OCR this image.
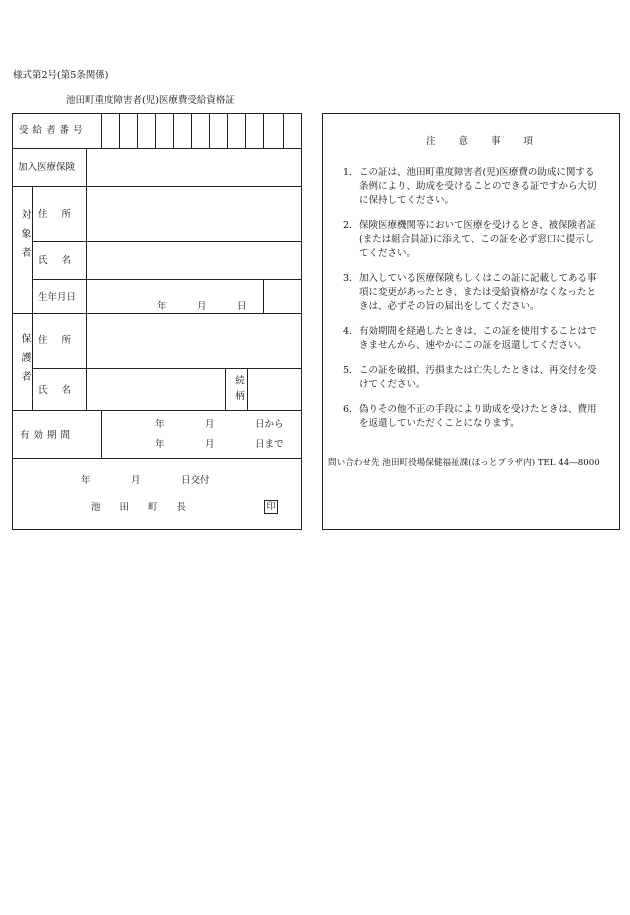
様式第2号(第5条関係)
池田町重度障害者(児)医療費受給資格証
受給者番号
加入医療保険
対象者 住所
氏名
生年月日
年	月	日
保護者 住所
氏名	続柄
有効期間
年	月	日から
年	月	日まで
年	月	日交付
池田町長	印
注意事項
1. この証は、池田町重度障害者(児)医療費の助成に関する条例により、助成を受けることのできる証ですから大切に保持してください。
2. 保険医療機関等において医療を受けるとき、被保険者証(または組合員証)に添えて、この証を必ず窓口に提示してください。
3. 加入している医療保険もしくはこの証に記載してある事項に変更があったとき、または受給資格がなくなったときは、必ずその旨の届出をしてください。
4. 有効期間を経過したときは、この証を使用することはできませんから、速やかにこの証を返還してください。
5. この証を破損、汚損または亡失したときは、再交付を受けてください。
6. 偽りその他不正の手段により助成を受けたときは、費用を返還していただくことになります。
問い合わせ先 池田町役場保健福祉課(ほっとプラザ内) TEL 44―8000
